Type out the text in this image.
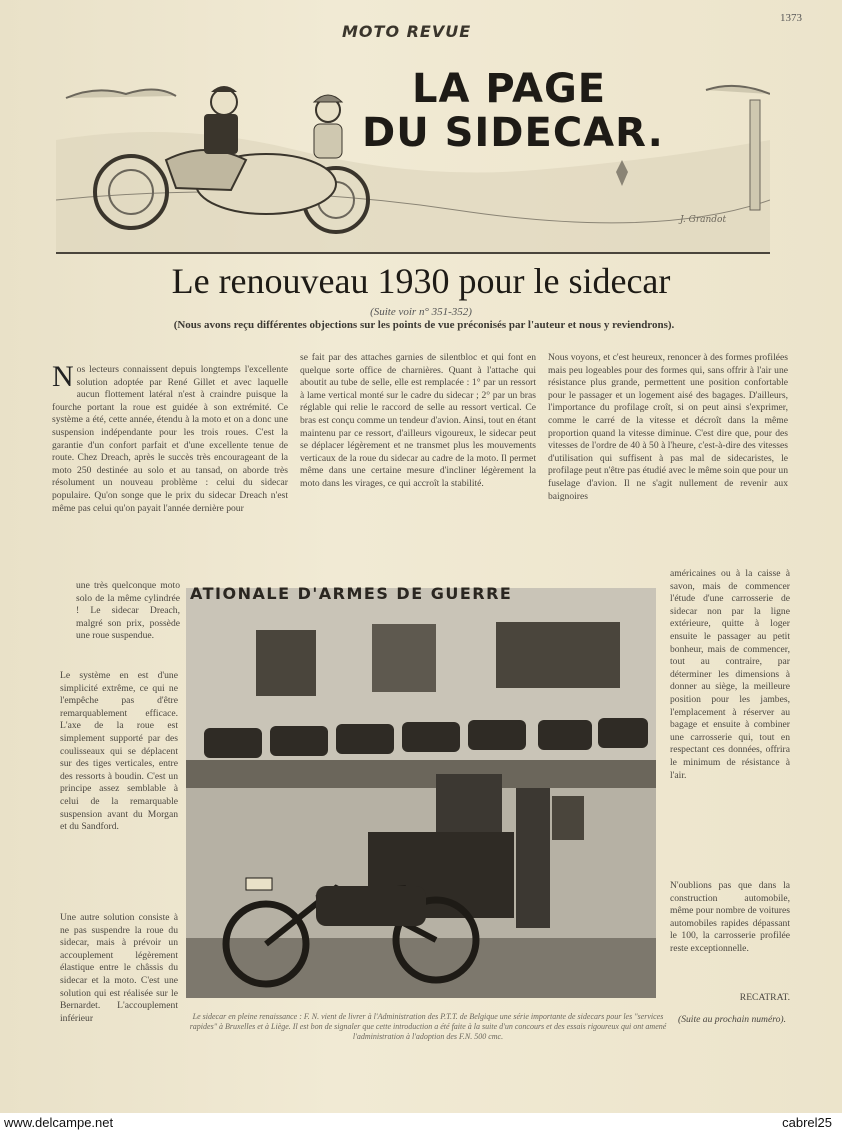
MOTO REVUE
1373
J. Grandot
LA PAGE
DU SIDECAR.
Le renouveau 1930 pour le sidecar
(Suite voir n° 351-352)
(Nous avons reçu différentes objections sur les points de vue préconisés par l'auteur et nous y reviendrons).
Nos lecteurs connaissent depuis longtemps l'excellente solution adoptée par René Gillet et avec laquelle aucun flottement latéral n'est à craindre puisque la fourche portant la roue est guidée à son extrémité. Ce système a été, cette année, étendu à la moto et on a donc une suspension indépendante pour les trois roues. C'est la garantie d'un confort parfait et d'une excellente tenue de route. Chez Dreach, après le succès très encourageant de la moto 250 destinée au solo et au tansad, on aborde très résolument un nouveau problème : celui du sidecar populaire. Qu'on songe que le prix du sidecar Dreach n'est même pas celui qu'on payait l'année dernière pour
une très quelconque moto solo de la même cylindrée ! Le sidecar Dreach, malgré son prix, possède une roue suspendue.
Le système en est d'une simplicité extrême, ce qui ne l'empêche pas d'être remarquablement efficace. L'axe de la roue est simplement supporté par des coulisseaux qui se déplacent sur des tiges verticales, entre des ressorts à boudin. C'est un principe assez semblable à celui de la remarquable suspension avant du Morgan et du Sandford.
Une autre solution consiste à ne pas suspendre la roue du sidecar, mais à prévoir un accouplement légèrement élastique entre le châssis du sidecar et la moto. C'est une solution qui est réalisée sur le Bernardet. L'accouplement inférieur
se fait par des attaches garnies de silentbloc et qui font en quelque sorte office de charnières. Quant à l'attache qui aboutit au tube de selle, elle est remplacée : 1° par un ressort à lame vertical monté sur le cadre du sidecar ; 2° par un bras réglable qui relie le raccord de selle au ressort vertical. Ce bras est conçu comme un tendeur d'avion. Ainsi, tout en étant maintenu par ce ressort, d'ailleurs vigoureux, le sidecar peut se déplacer légèrement et ne transmet plus les mouvements verticaux de la roue du sidecar au cadre de la moto. Il permet même dans une certaine mesure d'incliner légèrement la moto dans les virages, ce qui accroît la stabilité.
Nous voyons, et c'est heureux, renoncer à des formes profilées mais peu logeables pour des formes qui, sans offrir à l'air une résistance plus grande, permettent une position confortable pour le passager et un logement aisé des bagages. D'ailleurs, l'importance du profilage croît, si on peut ainsi s'exprimer, comme le carré de la vitesse et décroît dans la même proportion quand la vitesse diminue. C'est dire que, pour des vitesses de l'ordre de 40 à 50 à l'heure, c'est-à-dire des vitesses d'utilisation qui suffisent à pas mal de sidecaristes, le profilage peut n'être pas étudié avec le même soin que pour un fuselage d'avion. Il ne s'agit nullement de revenir aux baignoires
américaines ou à la caisse à savon, mais de commencer l'étude d'une carrosserie de sidecar non par la ligne extérieure, quitte à loger ensuite le passager au petit bonheur, mais de commencer, tout au contraire, par déterminer les dimensions à donner au siège, la meilleure position pour les jambes, l'emplacement à réserver au bagage et ensuite à combiner une carrosserie qui, tout en respectant ces données, offrira le minimum de résistance à l'air.
N'oublions pas que dans la construction automobile, même pour nombre de voitures automobiles rapides dépassant le 100, la carrosserie profilée reste exceptionnelle.
RECATRAT.
(Suite au prochain numéro).
ATIONALE D'ARMES DE GUERRE
Le sidecar en pleine renaissance : F. N. vient de livrer à l'Administration des P.T.T. de Belgique une série importante de sidecars pour les "services rapides" à Bruxelles et à Liège. Il est bon de signaler que cette introduction a été faite à la suite d'un concours et des essais rigoureux qui ont amené l'administration à l'adoption des F.N. 500 cmc.
www.delcampe.net	cabrel25
